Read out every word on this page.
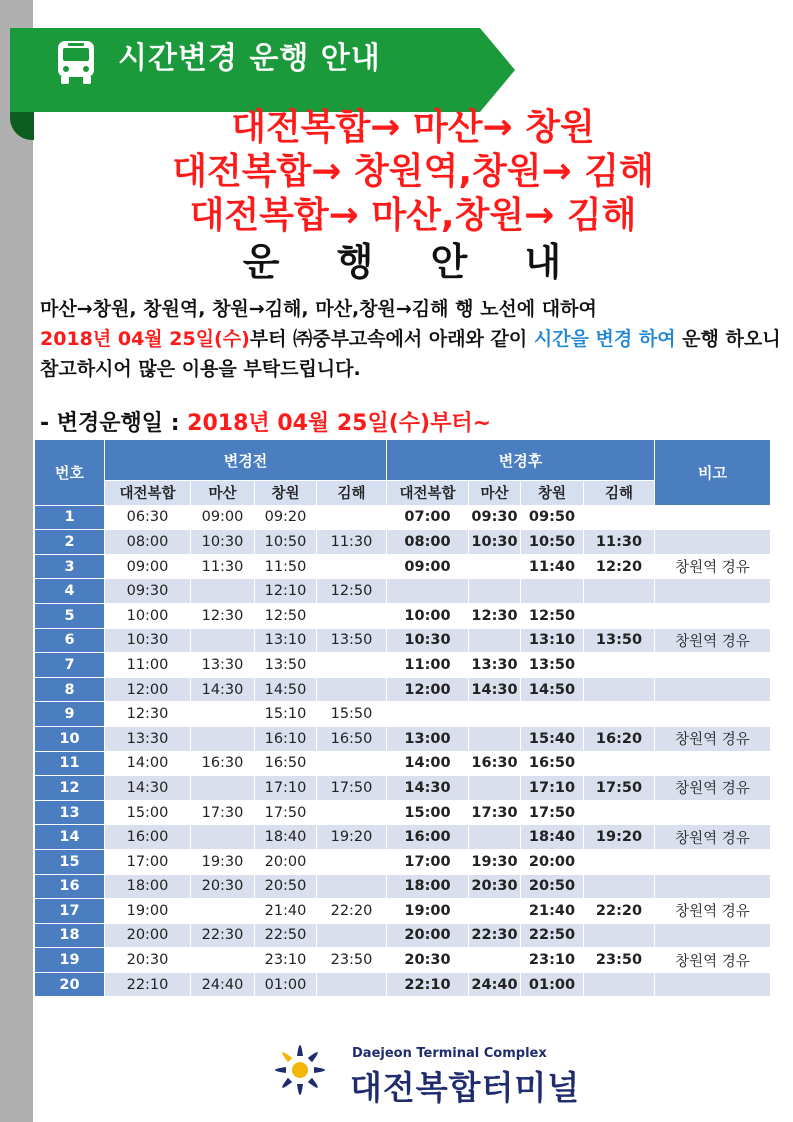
시간변경 운행 안내
대전복합→ 마산→ 창원
대전복합→ 창원역,창원→ 김해
대전복합→ 마산,창원→ 김해
운 행 안 내
마산→창원, 창원역, 창원→김해, 마산,창원→김해 행 노선에 대하여
2018년 04월 25일(수)부터 ㈜중부고속에서 아래와 같이 시간을 변경 하여 운행 하오니 참고하시어 많은 이용을 부탁드립니다.
- 변경운행일 : 2018년 04월 25일(수)부터~
번호	변경전				변경후				비고
	대전복합	마산	창원	김해	대전복합	마산	창원	김해	
1	06:30	09:00	09:20		07:00	09:30	09:50		
2	08:00	10:30	10:50	11:30	08:00	10:30	10:50	11:30	
3	09:00	11:30	11:50		09:00		11:40	12:20	창원역 경유
4	09:30		12:10	12:50					
5	10:00	12:30	12:50		10:00	12:30	12:50		
6	10:30		13:10	13:50	10:30		13:10	13:50	창원역 경유
7	11:00	13:30	13:50		11:00	13:30	13:50		
8	12:00	14:30	14:50		12:00	14:30	14:50		
9	12:30		15:10	15:50					
10	13:30		16:10	16:50	13:00		15:40	16:20	창원역 경유
11	14:00	16:30	16:50		14:00	16:30	16:50		
12	14:30		17:10	17:50	14:30		17:10	17:50	창원역 경유
13	15:00	17:30	17:50		15:00	17:30	17:50		
14	16:00		18:40	19:20	16:00		18:40	19:20	창원역 경유
15	17:00	19:30	20:00		17:00	19:30	20:00		
16	18:00	20:30	20:50		18:00	20:30	20:50		
17	19:00		21:40	22:20	19:00		21:40	22:20	창원역 경유
18	20:00	22:30	22:50		20:00	22:30	22:50		
19	20:30		23:10	23:50	20:30		23:10	23:50	창원역 경유
20	22:10	24:40	01:00		22:10	24:40	01:00		
Daejeon Terminal Complex
대전복합터미널
